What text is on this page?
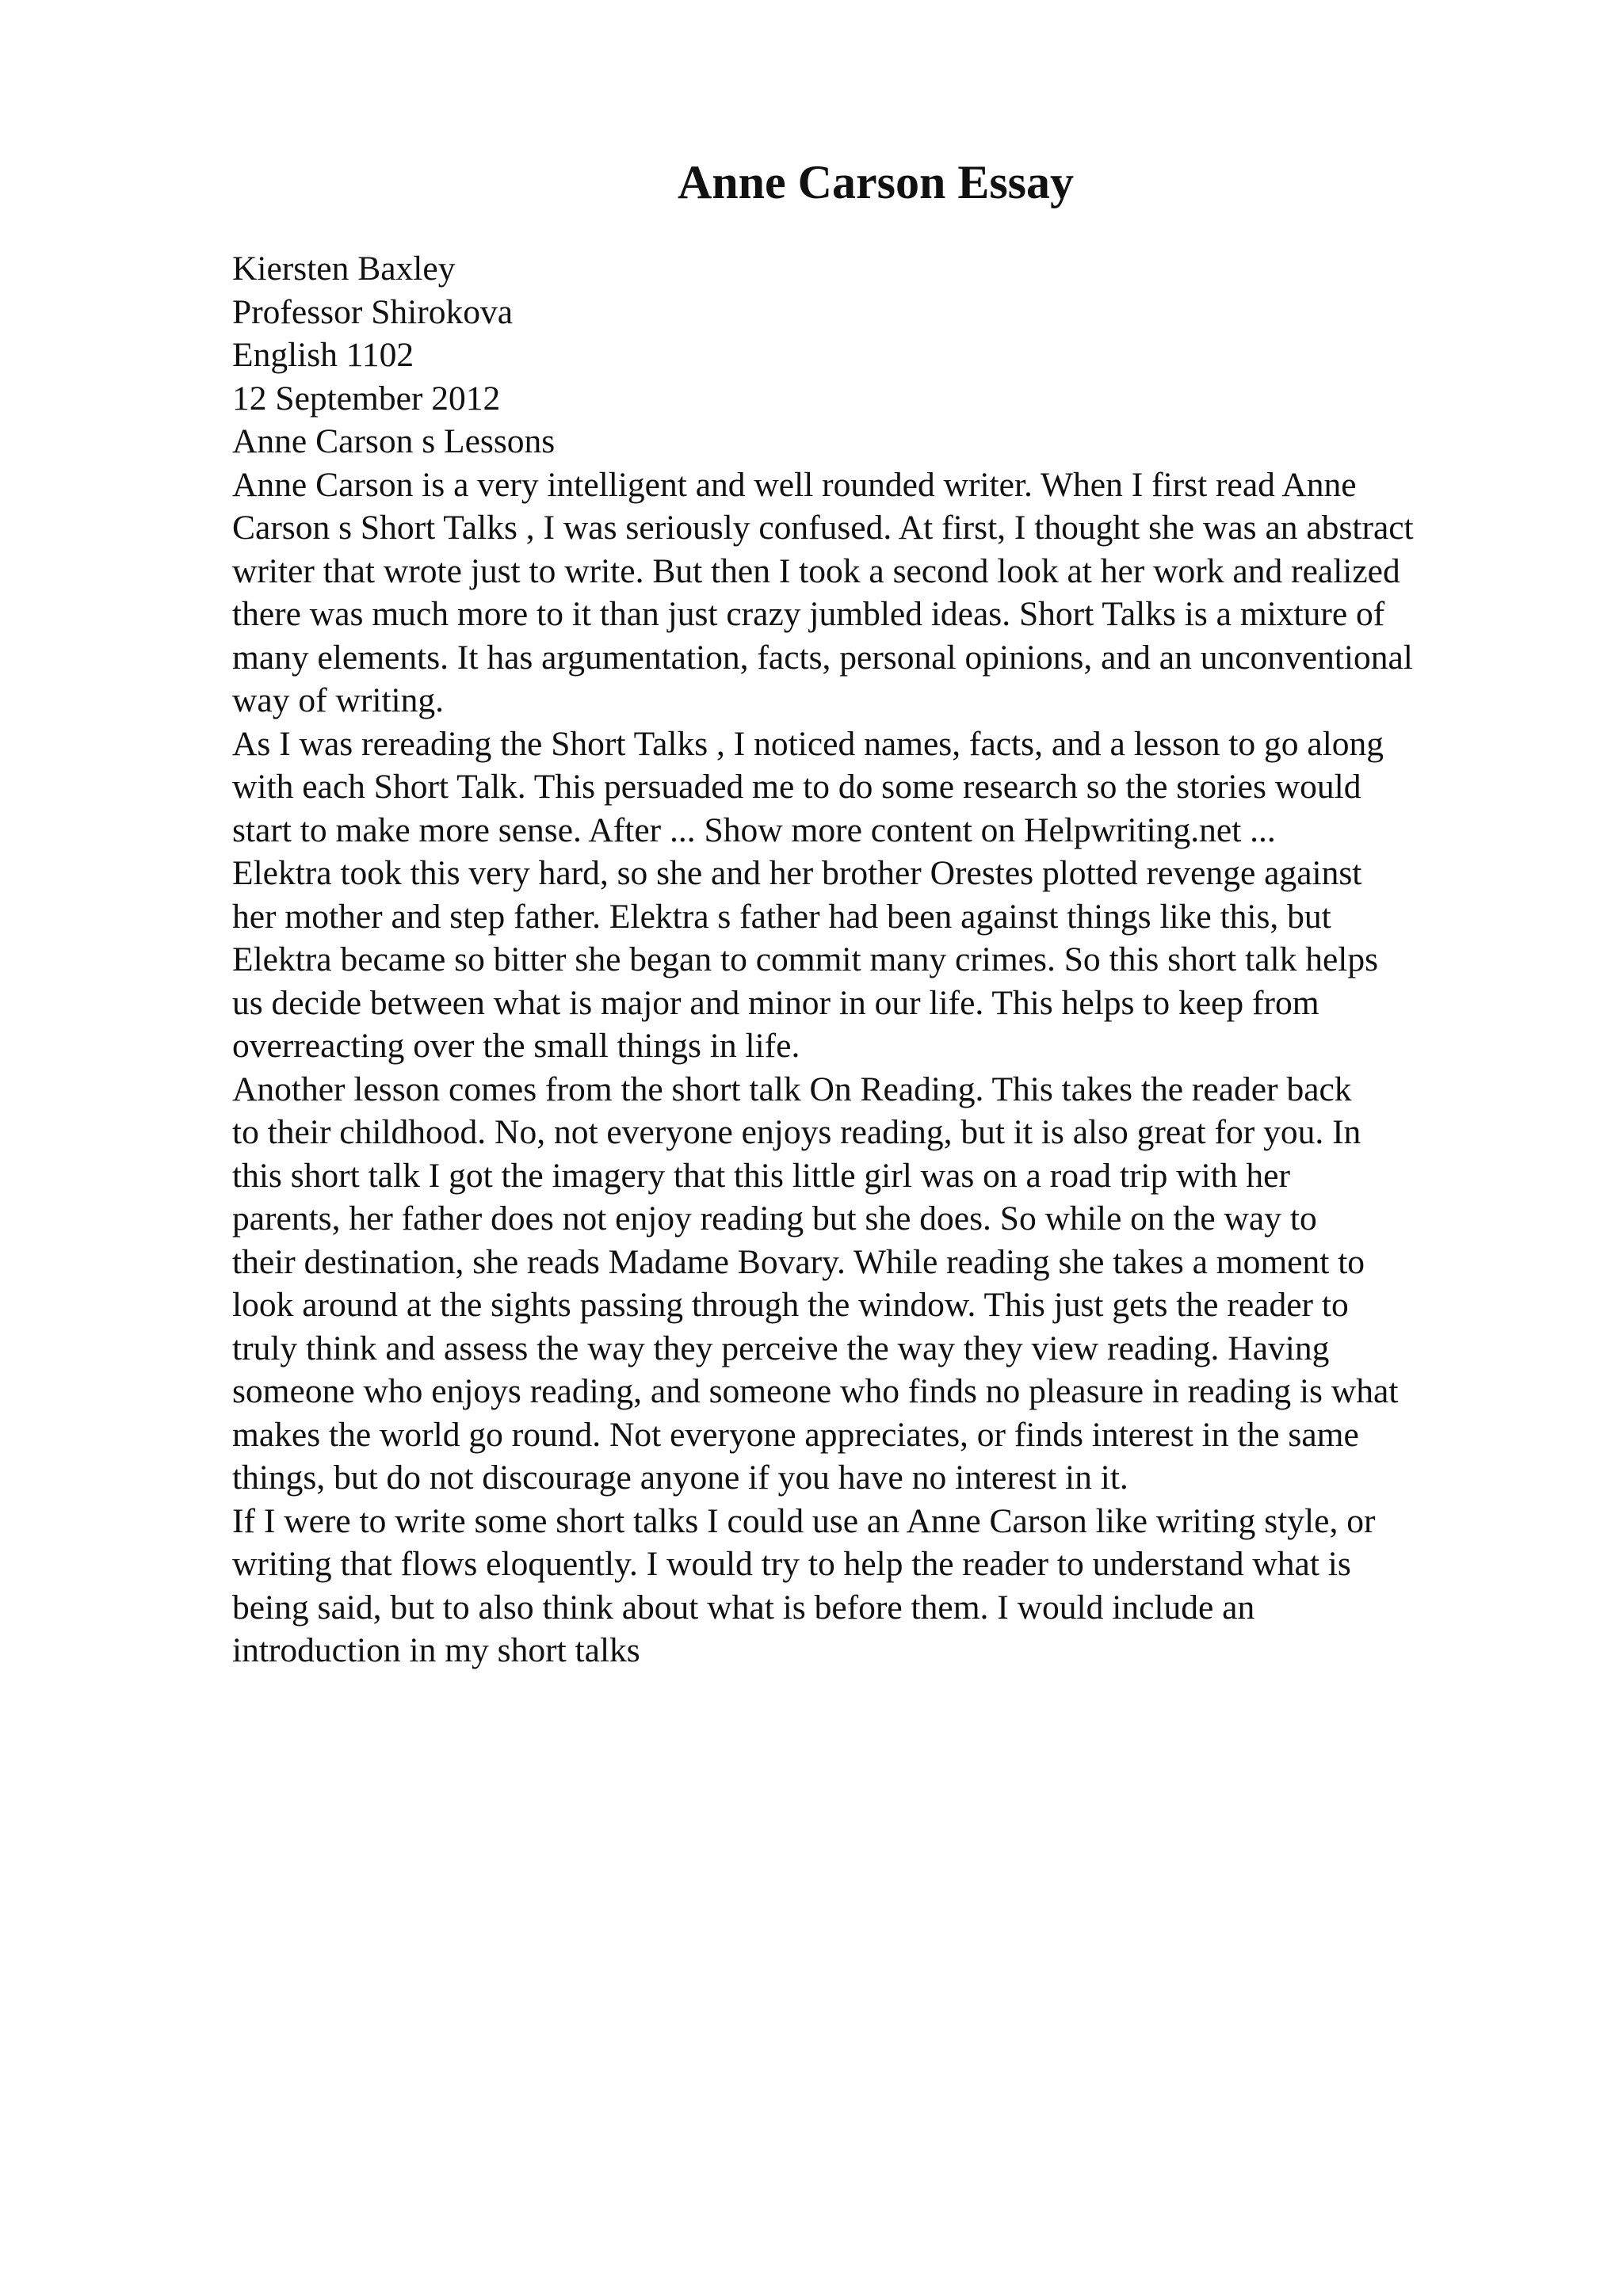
Anne Carson Essay
Kiersten Baxley
Professor Shirokova
English 1102
12 September 2012
Anne Carson s Lessons
Anne Carson is a very intelligent and well rounded writer. When I first read Anne
Carson s Short Talks , I was seriously confused. At first, I thought she was an abstract
writer that wrote just to write. But then I took a second look at her work and realized
there was much more to it than just crazy jumbled ideas. Short Talks is a mixture of
many elements. It has argumentation, facts, personal opinions, and an unconventional
way of writing.
As I was rereading the Short Talks , I noticed names, facts, and a lesson to go along
with each Short Talk. This persuaded me to do some research so the stories would
start to make more sense. After ... Show more content on Helpwriting.net ...
Elektra took this very hard, so she and her brother Orestes plotted revenge against
her mother and step father. Elektra s father had been against things like this, but
Elektra became so bitter she began to commit many crimes. So this short talk helps
us decide between what is major and minor in our life. This helps to keep from
overreacting over the small things in life.
Another lesson comes from the short talk On Reading. This takes the reader back
to their childhood. No, not everyone enjoys reading, but it is also great for you. In
this short talk I got the imagery that this little girl was on a road trip with her
parents, her father does not enjoy reading but she does. So while on the way to
their destination, she reads Madame Bovary. While reading she takes a moment to
look around at the sights passing through the window. This just gets the reader to
truly think and assess the way they perceive the way they view reading. Having
someone who enjoys reading, and someone who finds no pleasure in reading is what
makes the world go round. Not everyone appreciates, or finds interest in the same
things, but do not discourage anyone if you have no interest in it.
If I were to write some short talks I could use an Anne Carson like writing style, or
writing that flows eloquently. I would try to help the reader to understand what is
being said, but to also think about what is before them. I would include an
introduction in my short talks
